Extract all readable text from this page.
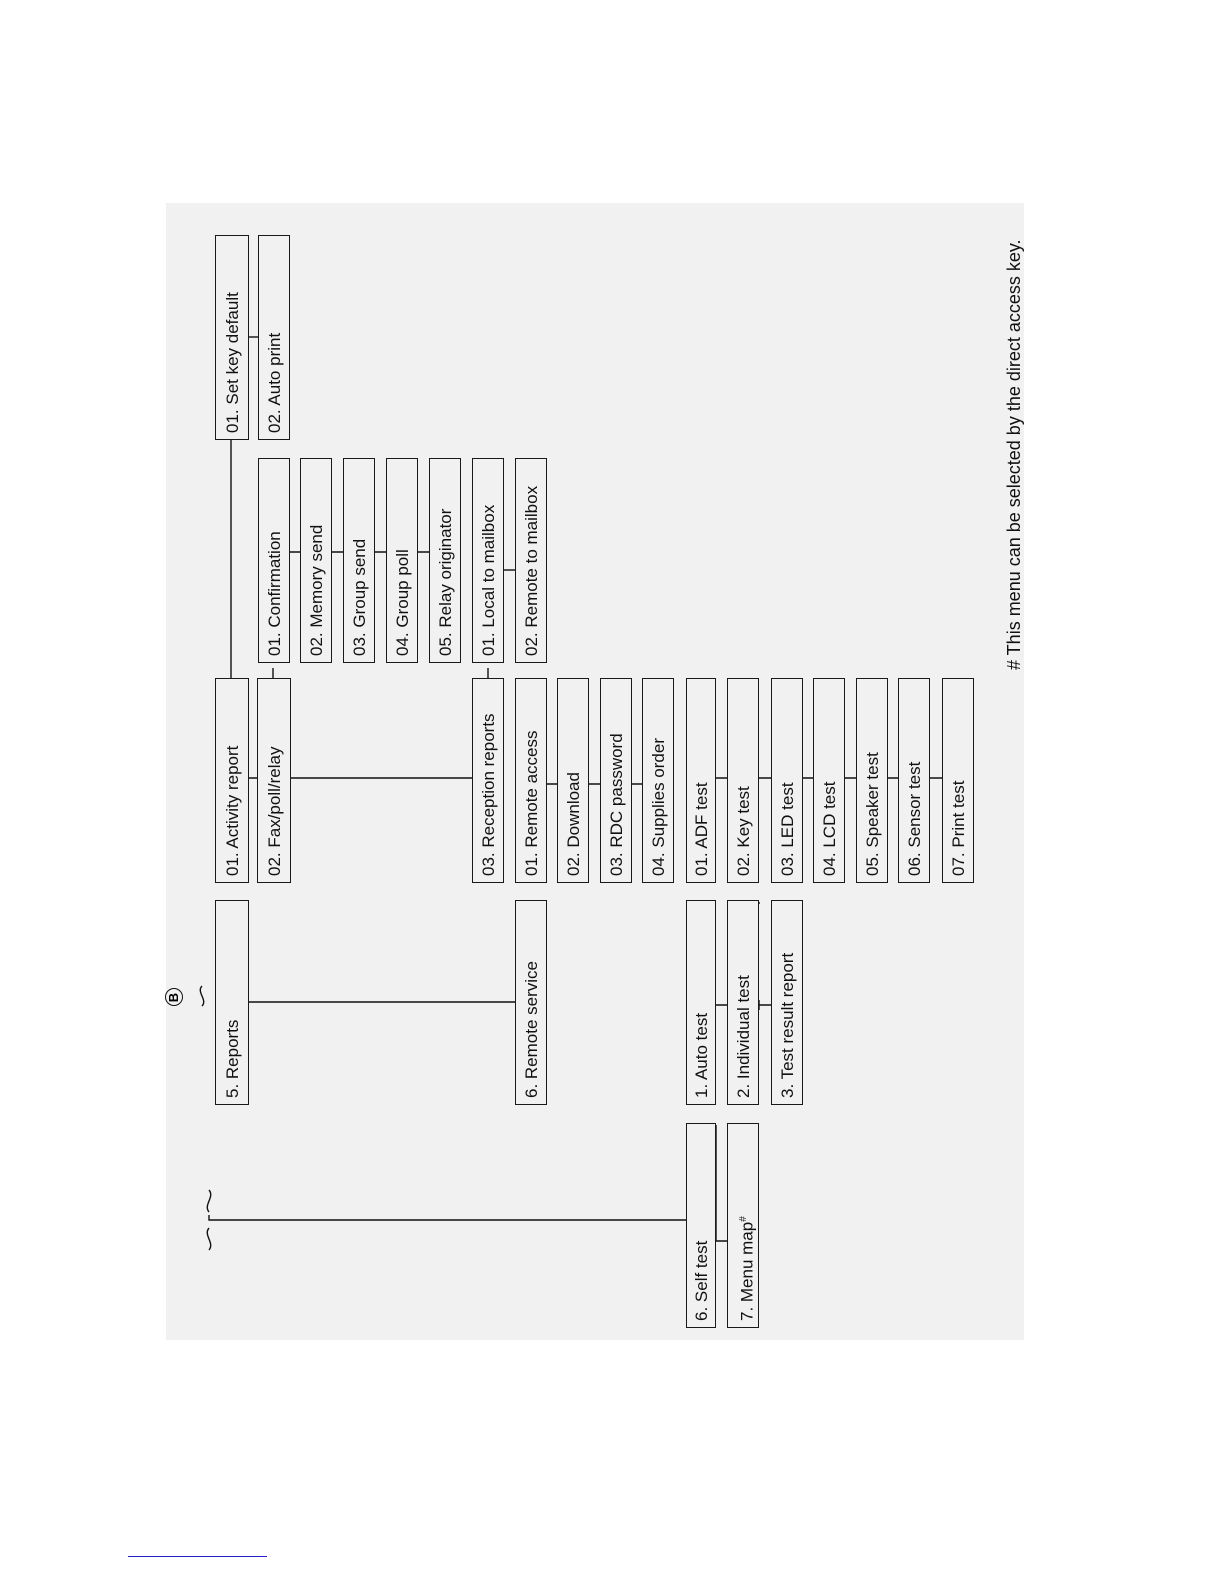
B
6. Self test 7. Menu map#
5. Reports	6. Remote service	1. Auto test 2. Individual test 3. Test result report
01. Activity report 02. Fax/poll/relay	03. Reception reports 01. Remote access 02. Download 03. RDC password 04. Supplies order 01. ADF test 02. Key test 03. LED test 04. LCD test 05. Speaker test 06. Sensor test 07. Print test
01. Confirmation 02. Memory send 03. Group send 04. Group poll 05. Relay originator 01. Local to mailbox 02. Remote to mailbox
01. Set key default 02. Auto print	# This menu can be selected by the direct access key.
